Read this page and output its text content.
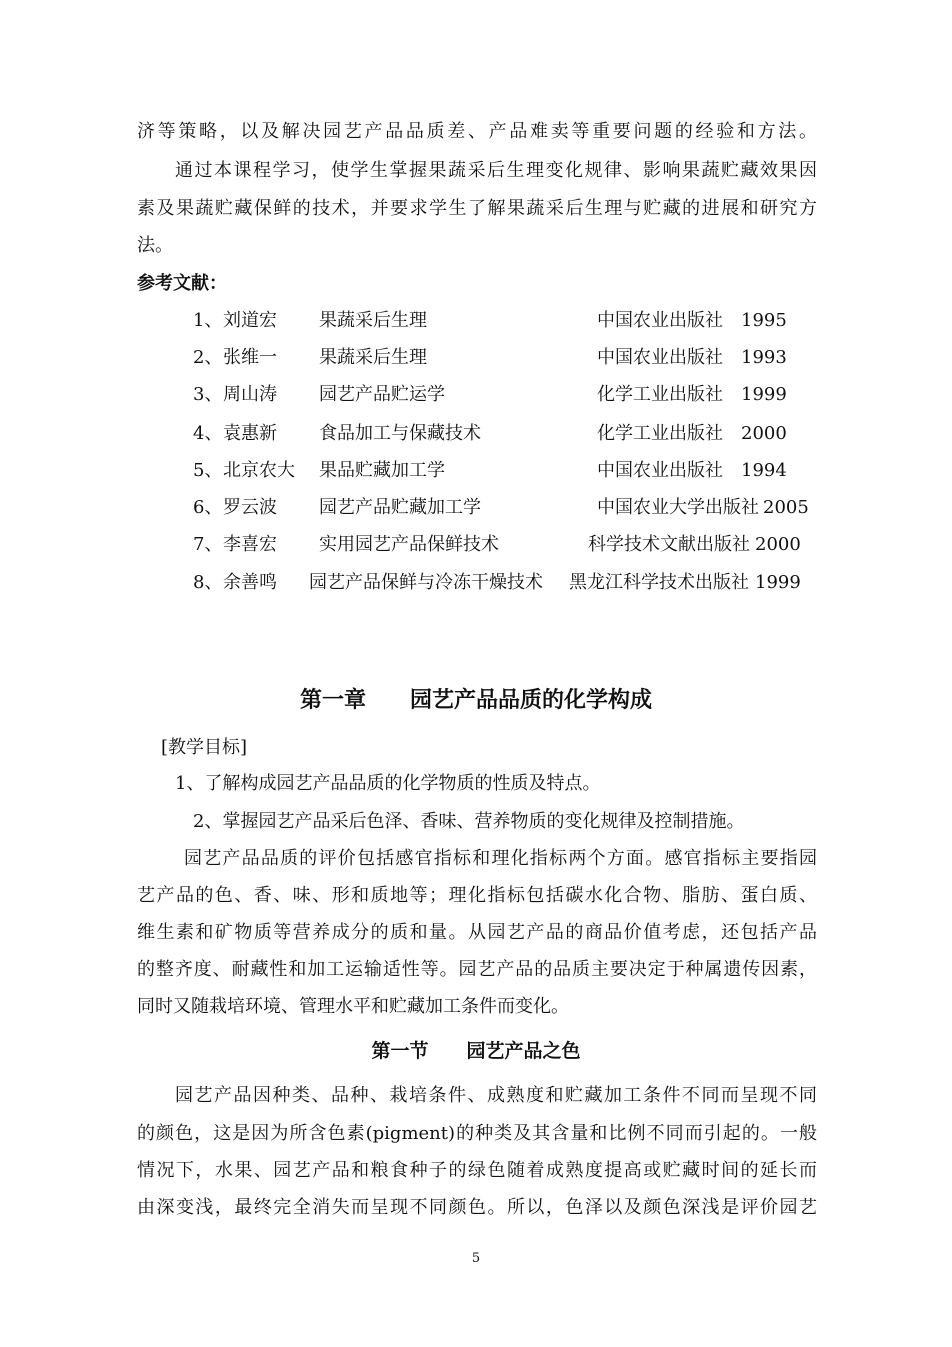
济等策略，以及解决园艺产品品质差、产品难卖等重要问题的经验和方法。
通过本课程学习，使学生掌握果蔬采后生理变化规律、影响果蔬贮藏效果因
素及果蔬贮藏保鲜的技术，并要求学生了解果蔬采后生理与贮藏的进展和研究方
法。
参考文献：
1、 刘道宏 果蔬采后生理	中国农业出版社 1995
2、 张维一 果蔬采后生理	中国农业出版社 1993
3、 周山涛 园艺产品贮运学	化学工业出版社 1999
4、 袁惠新 食品加工与保藏技术	化学工业出版社 2000
5、 北京农大 果品贮藏加工学	中国农业出版社 1994
6、 罗云波 园艺产品贮藏加工学	中国农业大学出版社 2005
7、 李喜宏 实用园艺产品保鲜技术	科学技术文献出版社 2000
8、 余善鸣 园艺产品保鲜与冷冻干燥技术 黑龙江科学技术出版社 1999
第一章　　园艺产品品质的化学构成
[教学目标]
1、了解构成园艺产品品质的化学物质的性质及特点。
2、掌握园艺产品采后色泽、香味、营养物质的变化规律及控制措施。
园艺产品品质的评价包括感官指标和理化指标两个方面。感官指标主要指园
艺产品的色、香、味、形和质地等；理化指标包括碳水化合物、脂肪、蛋白质、
维生素和矿物质等营养成分的质和量。从园艺产品的商品价值考虑，还包括产品
的整齐度、耐藏性和加工运输适性等。园艺产品的品质主要决定于种属遗传因素，
同时又随栽培环境、管理水平和贮藏加工条件而变化。
第一节　　园艺产品之色
园艺产品因种类、品种、栽培条件、成熟度和贮藏加工条件不同而呈现不同
的颜色，这是因为所含色素(pigment)的种类及其含量和比例不同而引起的。一般
情况下，水果、园艺产品和粮食种子的绿色随着成熟度提高或贮藏时间的延长而
由深变浅，最终完全消失而呈现不同颜色。所以，色泽以及颜色深浅是评价园艺
5
